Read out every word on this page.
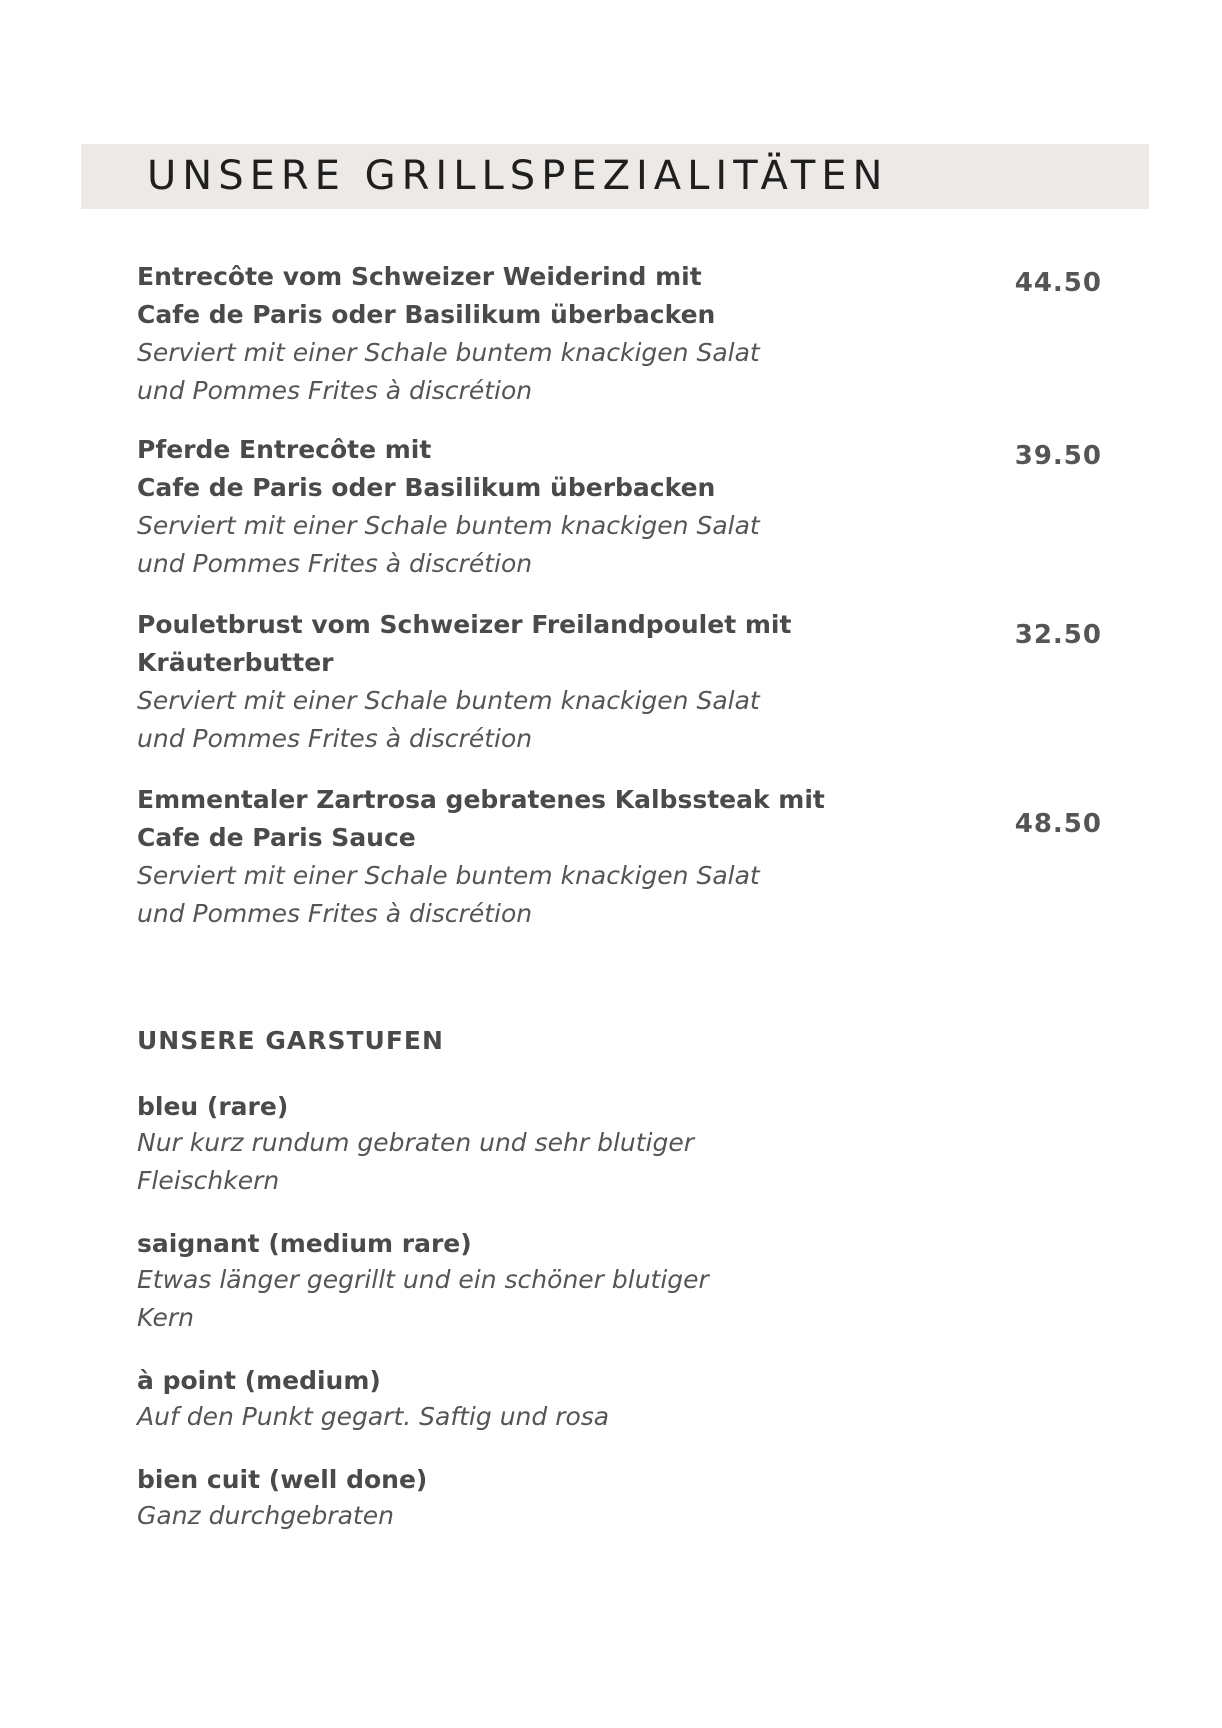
UNSERE GRILLSPEZIALITÄTEN
Entrecôte vom Schweizer Weiderind mit
Cafe de Paris oder Basilikum überbacken
Serviert mit einer Schale buntem knackigen Salat
und Pommes Frites à discrétion
44.50
Pferde Entrecôte mit
Cafe de Paris oder Basilikum überbacken
Serviert mit einer Schale buntem knackigen Salat
und Pommes Frites à discrétion
39.50
Pouletbrust vom Schweizer Freilandpoulet mit
Kräuterbutter
Serviert mit einer Schale buntem knackigen Salat
und Pommes Frites à discrétion
32.50
Emmentaler Zartrosa gebratenes Kalbssteak mit
Cafe de Paris Sauce
Serviert mit einer Schale buntem knackigen Salat
und Pommes Frites à discrétion
48.50
UNSERE GARSTUFEN
bleu (rare)
Nur kurz rundum gebraten und sehr blutiger
Fleischkern
saignant (medium rare)
Etwas länger gegrillt und ein schöner blutiger
Kern
à point (medium)
Auf den Punkt gegart. Saftig und rosa
bien cuit (well done)
Ganz durchgebraten
